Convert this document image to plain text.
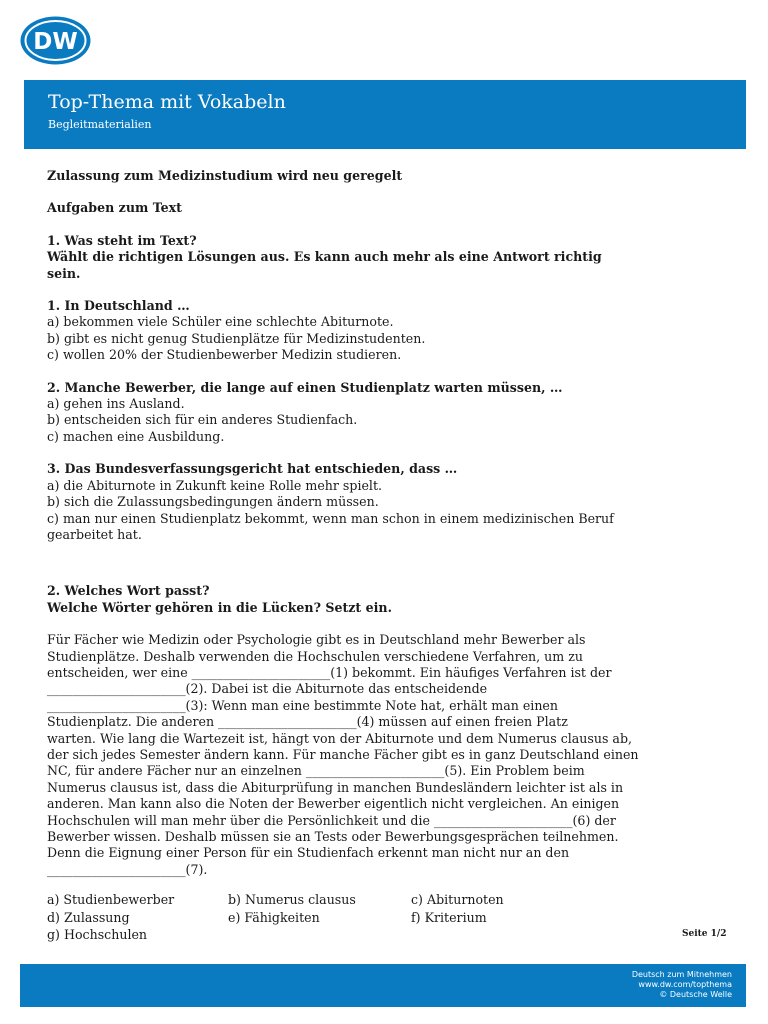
DW
Top-Thema mit Vokabeln
Begleitmaterialien
Zulassung zum Medizinstudium wird neu geregelt
Aufgaben zum Text
1. Was steht im Text?
Wählt die richtigen Lösungen aus. Es kann auch mehr als eine Antwort richtig
sein.
1. In Deutschland …
a) bekommen viele Schüler eine schlechte Abiturnote.
b) gibt es nicht genug Studienplätze für Medizinstudenten.
c) wollen 20% der Studienbewerber Medizin studieren.
2. Manche Bewerber, die lange auf einen Studienplatz warten müssen, …
a) gehen ins Ausland.
b) entscheiden sich für ein anderes Studienfach.
c) machen eine Ausbildung.
3. Das Bundesverfassungsgericht hat entschieden, dass …
a) die Abiturnote in Zukunft keine Rolle mehr spielt.
b) sich die Zulassungsbedingungen ändern müssen.
c) man nur einen Studienplatz bekommt, wenn man schon in einem medizinischen Beruf
gearbeitet hat.
2. Welches Wort passt?
Welche Wörter gehören in die Lücken? Setzt ein.
Für Fächer wie Medizin oder Psychologie gibt es in Deutschland mehr Bewerber als
Studienplätze. Deshalb verwenden die Hochschulen verschiedene Verfahren, um zu
entscheiden, wer eine ______________________(1) bekommt. Ein häufiges Verfahren ist der
______________________(2). Dabei ist die Abiturnote das entscheidende
______________________(3): Wenn man eine bestimmte Note hat, erhält man einen
Studienplatz. Die anderen ______________________(4) müssen auf einen freien Platz
warten. Wie lang die Wartezeit ist, hängt von der Abiturnote und dem Numerus clausus ab,
der sich jedes Semester ändern kann. Für manche Fächer gibt es in ganz Deutschland einen
NC, für andere Fächer nur an einzelnen ______________________(5). Ein Problem beim
Numerus clausus ist, dass die Abiturprüfung in manchen Bundesländern leichter ist als in
anderen. Man kann also die Noten der Bewerber eigentlich nicht vergleichen. An einigen
Hochschulen will man mehr über die Persönlichkeit und die ______________________(6) der
Bewerber wissen. Deshalb müssen sie an Tests oder Bewerbungsgesprächen teilnehmen.
Denn die Eignung einer Person für ein Studienfach erkennt man nicht nur an den
______________________(7).
a) Studienbewerber	b) Numerus clausus	c) Abiturnoten
d) Zulassung	e) Fähigkeiten	f) Kriterium
g) Hochschulen	Seite 1/2
Deutsch zum Mitnehmen
www.dw.com/topthema
© Deutsche Welle
